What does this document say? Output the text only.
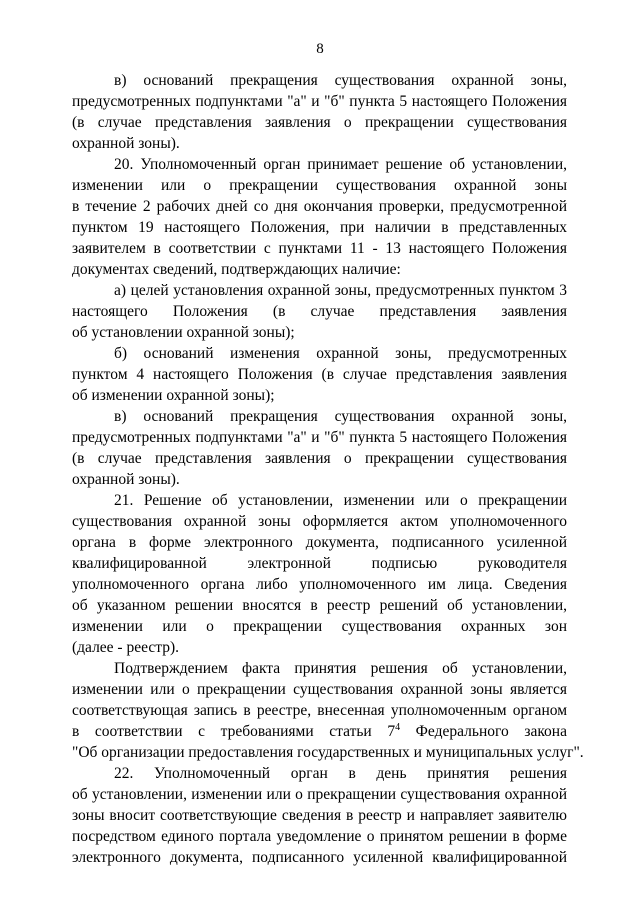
8

в) оснований прекращения существования охранной зоны,
предусмотренных подпунктами "а" и "б" пункта 5 настоящего Положения
(в случае представления заявления о прекращении существования
охранной зоны).

20. Уполномоченный орган принимает решение об установлении,
изменении или о прекращении существования охранной зоны
в течение 2 рабочих дней со дня окончания проверки, предусмотренной
пунктом 19 настоящего Положения, при наличии в представленных
заявителем в соответствии с пунктами 11 - 13 настоящего Положения
документах сведений, подтверждающих наличие:

а) целей установления охранной зоны, предусмотренных пунктом 3
настоящего Положения (в случае представления заявления
об установлении охранной зоны);

б) оснований изменения охранной зоны, предусмотренных
пунктом 4 настоящего Положения (в случае представления заявления
об изменении охранной зоны);

в) оснований прекращения существования охранной зоны,
предусмотренных подпунктами "а" и "б" пункта 5 настоящего Положения
(в случае представления заявления о прекращении существования
охранной зоны).

21. Решение об установлении, изменении или о прекращении
существования охранной зоны оформляется актом уполномоченного
органа в форме электронного документа, подписанного усиленной
квалифицированной электронной подписью руководителя
уполномоченного органа либо уполномоченного им лица. Сведения
об указанном решении вносятся в реестр решений об установлении,
изменении или о прекращении существования охранных зон
(далее - реестр).

Подтверждением факта принятия решения об установлении,
изменении или о прекращении существования охранной зоны является
соответствующая запись в реестре, внесенная уполномоченным органом
в соответствии с требованиями статьи $7^4$ Федерального закона
"Об организации предоставления государственных и муниципальных услуг".

22. Уполномоченный орган в день принятия решения
об установлении, изменении или о прекращении существования охранной
зоны вносит соответствующие сведения в реестр и направляет заявителю
посредством единого портала уведомление о принятом решении в форме
электронного документа, подписанного усиленной квалифицированной
